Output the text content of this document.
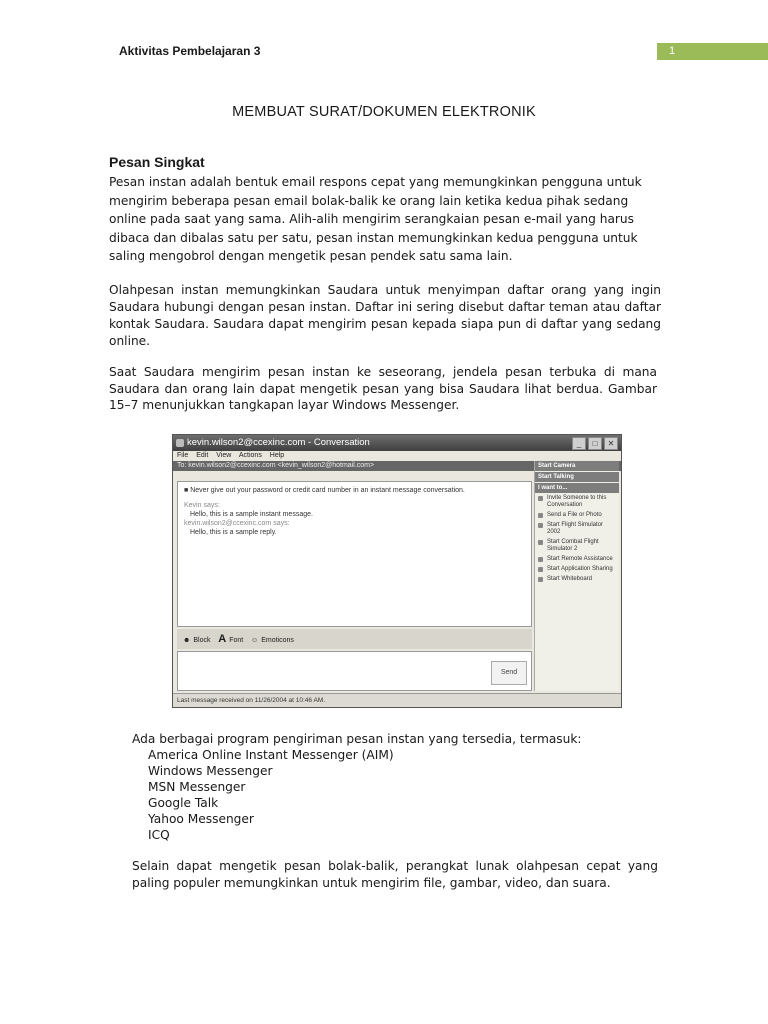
Aktivitas Pembelajaran 3	1
MEMBUAT SURAT/DOKUMEN ELEKTRONIK
Pesan Singkat
Pesan instan adalah bentuk email respons cepat yang memungkinkan pengguna untuk
mengirim beberapa pesan email bolak-balik ke orang lain ketika kedua pihak sedang
online pada saat yang sama. Alih-alih mengirim serangkaian pesan e-mail yang harus
dibaca dan dibalas satu per satu, pesan instan memungkinkan kedua pengguna untuk
saling mengobrol dengan mengetik pesan pendek satu sama lain.
Olahpesan instan memungkinkan Saudara untuk menyimpan daftar orang yang ingin Saudara hubungi dengan pesan instan. Daftar ini sering disebut daftar teman atau daftar kontak Saudara. Saudara dapat mengirim pesan kepada siapa pun di daftar yang sedang online.
Saat Saudara mengirim pesan instan ke seseorang, jendela pesan terbuka di mana Saudara dan orang lain dapat mengetik pesan yang bisa Saudara lihat berdua. Gambar 15–7 menunjukkan tangkapan layar Windows Messenger.
kevin.wilson2@ccexinc.com - Conversation	_	□	✕
File Edit View Actions Help
To: kevin.wilson2@ccexinc.com <kevin_wilson2@hotmail.com>
■ Never give out your password or credit card number in an instant message conversation.
Kevin says:
Hello, this is a sample instant message.
kevin.wilson2@ccexinc.com says:
Hello, this is a sample reply.
☻ Block A Font ☺ Emoticons
Send
Start Camera
Start Talking
I want to...
Invite Someone to this Conversation
Send a File or Photo
Start Flight Simulator 2002
Start Combat Flight Simulator 2
Start Remote Assistance
Start Application Sharing
Start Whiteboard
Last message received on 11/26/2004 at 10:46 AM.
Ada berbagai program pengiriman pesan instan yang tersedia, termasuk:
America Online Instant Messenger (AIM)
Windows Messenger
MSN Messenger
Google Talk
Yahoo Messenger
ICQ
Selain dapat mengetik pesan bolak-balik, perangkat lunak olahpesan cepat yang paling populer memungkinkan untuk mengirim file, gambar, video, dan suara.
